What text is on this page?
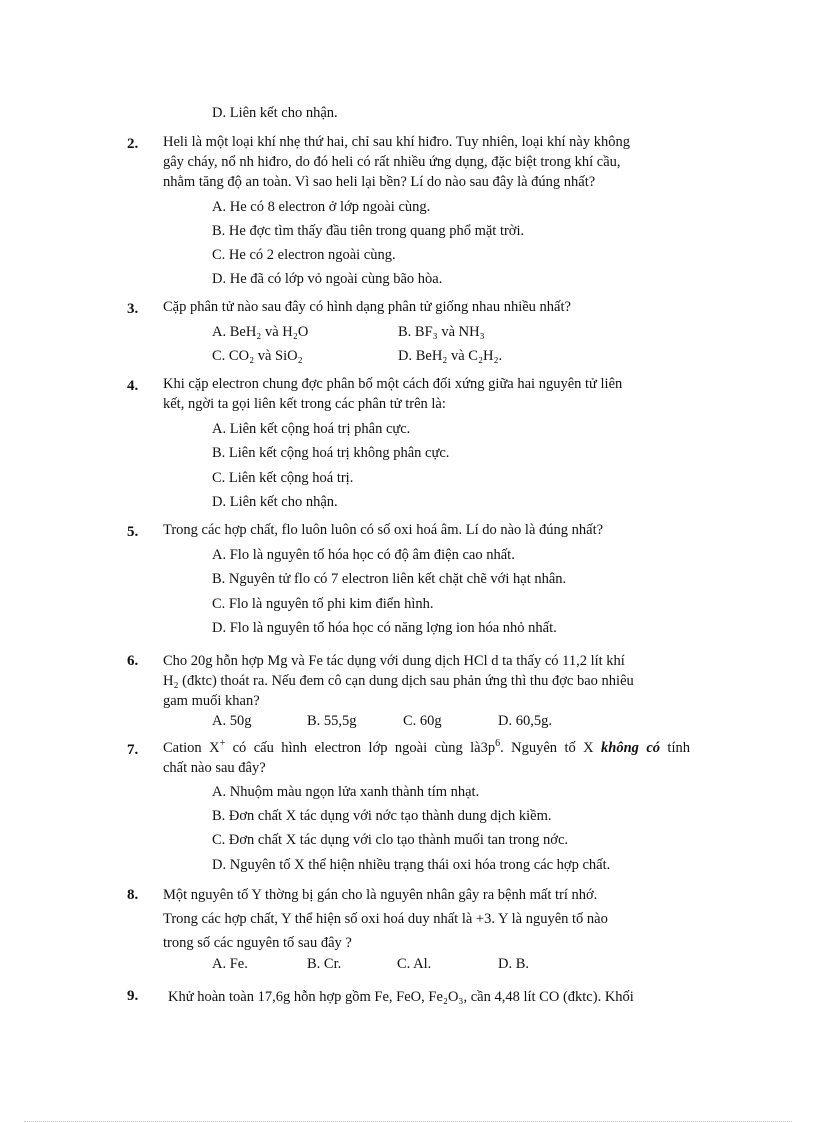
D. Liên kết cho nhận.
2.	Heli là một loại khí nhẹ thứ hai, chỉ sau khí hiđro. Tuy nhiên, loại khí này không
gây cháy, nổ nh hiđro, do đó heli có rất nhiều ứng dụng, đặc biệt trong khí cầu,
nhằm tăng độ an toàn. Vì sao heli lại bền? Lí do nào sau đây là đúng nhất?
A. He có 8 electron ở lớp ngoài cùng.
B. He đợc tìm thấy đầu tiên trong quang phổ mặt trời.
C. He có 2 electron ngoài cùng.
D. He đã có lớp vỏ ngoài cùng bão hòa.
3.	Cặp phân tử nào sau đây có hình dạng phân tử giống nhau nhiều nhất?
A. BeH₂ và H₂O	B. BF₃ và NH₃
C. CO₂ và SiO₂	D. BeH₂ và C₂H₂.
4.	Khi cặp electron chung đợc phân bố một cách đối xứng giữa hai nguyên tử liên
kết, ngời ta gọi liên kết trong các phân tử trên là:
A. Liên kết cộng hoá trị phân cực.
B. Liên kết cộng hoá trị không phân cực.
C. Liên kết cộng hoá trị.
D. Liên kết cho nhận.
5.	Trong các hợp chất, flo luôn luôn có số oxi hoá âm. Lí do nào là đúng nhất?
A. Flo là nguyên tố hóa học có độ âm điện cao nhất.
B. Nguyên tử flo có 7 electron liên kết chặt chẽ với hạt nhân.
C. Flo là nguyên tố phi kim điển hình.
D. Flo là nguyên tố hóa học có năng lợng ion hóa nhỏ nhất.
6.	Cho 20g hỗn hợp Mg và Fe tác dụng với dung dịch HCl d ta thấy có 11,2 lít khí
H₂ (đktc) thoát ra. Nếu đem cô cạn dung dịch sau phản ứng thì thu đợc bao nhiêu
gam muối khan?
A. 50g	B. 55,5g	C. 60g	D. 60,5g.
7.	Cation X+ có cấu hình electron lớp ngoài cùng $là3p^6$. Nguyên tố X không có tính
chất nào sau đây?
A. Nhuộm màu ngọn lửa xanh thành tím nhạt.
B. Đơn chất X tác dụng với nớc tạo thành dung dịch kiềm.
C. Đơn chất X tác dụng với clo tạo thành muối tan trong nớc.
D. Nguyên tố X thể hiện nhiều trạng thái oxi hóa trong các hợp chất.
8.	Một nguyên tố Y thờng bị gán cho là nguyên nhân gây ra bệnh mất trí nhớ.
Trong các hợp chất, Y thể hiện số oxi hoá duy nhất là +3. Y là nguyên tố nào
trong số các nguyên tố sau đây ?
A. Fe.	B. Cr.	C. Al.	D. B.
9.	Khử hoàn toàn 17,6g hỗn hợp gồm Fe, FeO, Fe₂O₃, cần 4,48 lít CO (đktc). Khối
